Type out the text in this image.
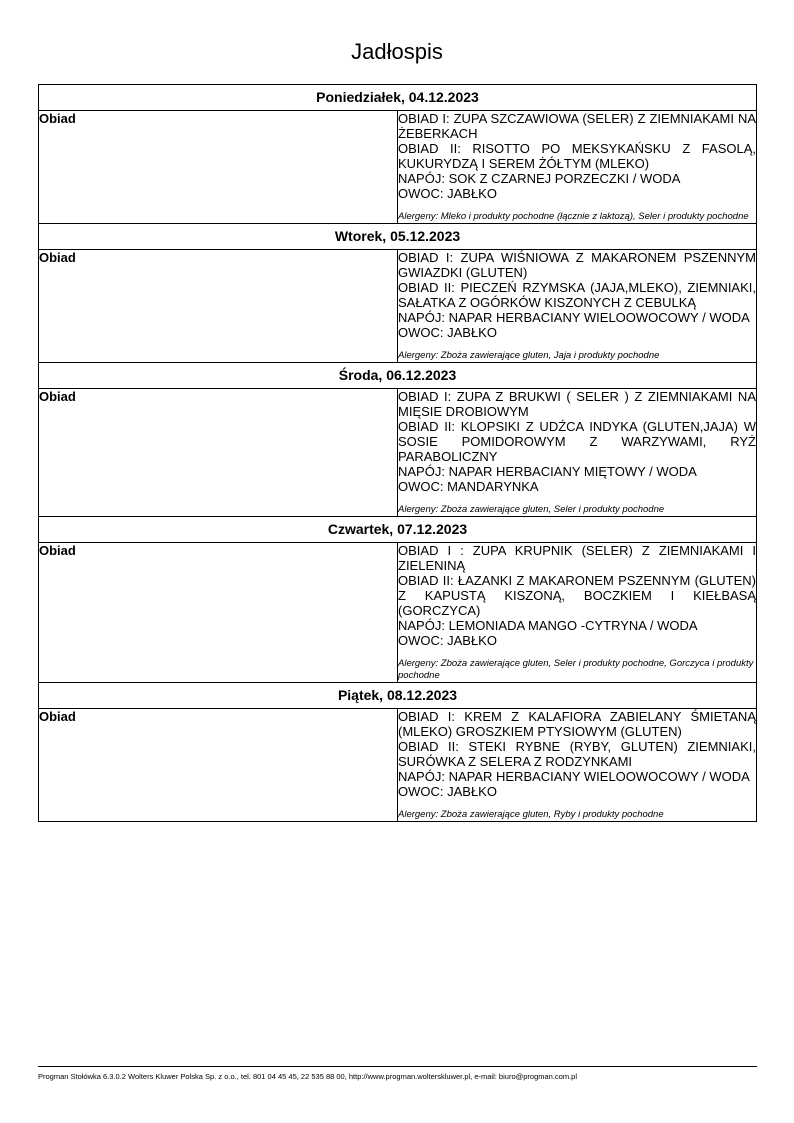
Jadłospis
Poniedziałek, 04.12.2023	
Obiad	OBIAD I: ZUPA SZCZAWIOWA (SELER) Z ZIEMNIAKAMI NA ŻEBERKACH
OBIAD II: RISOTTO PO MEKSYKAŃSKU Z FASOLĄ, KUKURYDZĄ I SEREM ŻÓŁTYM (MLEKO)
NAPÓJ: SOK Z CZARNEJ PORZECZKI / WODA
OWOC: JABŁKO
Alergeny: Mleko i produkty pochodne (łącznie z laktozą), Seler i produkty pochodne

Wtorek, 05.12.2023	
Obiad	OBIAD I: ZUPA WIŚNIOWA Z MAKARONEM PSZENNYM GWIAZDKI (GLUTEN)
OBIAD II: PIECZEŃ RZYMSKA (JAJA,MLEKO), ZIEMNIAKI, SAŁATKA Z OGÓRKÓW KISZONYCH Z CEBULKĄ
NAPÓJ: NAPAR HERBACIANY WIELOOWOCOWY / WODA
OWOC: JABŁKO
Alergeny: Zboża zawierające gluten, Jaja i produkty pochodne

Środa, 06.12.2023	
Obiad	OBIAD I: ZUPA Z BRUKWI ( SELER ) Z ZIEMNIAKAMI NA MIĘSIE DROBIOWYM
OBIAD II: KLOPSIKI Z UDŹCA INDYKA (GLUTEN,JAJA) W SOSIE POMIDOROWYM Z WARZYWAMI, RYŻ PARABOLICZNY
NAPÓJ: NAPAR HERBACIANY MIĘTOWY / WODA
OWOC: MANDARYNKA
Alergeny: Zboża zawierające gluten, Seler i produkty pochodne

Czwartek, 07.12.2023	
Obiad	OBIAD I : ZUPA KRUPNIK (SELER) Z ZIEMNIAKAMI I ZIELENINĄ
OBIAD II: ŁAZANKI Z MAKARONEM PSZENNYM (GLUTEN) Z KAPUSTĄ KISZONĄ, BOCZKIEM I KIEŁBASĄ (GORCZYCA)
NAPÓJ: LEMONIADA MANGO -CYTRYNA / WODA
OWOC: JABŁKO
Alergeny: Zboża zawierające gluten, Seler i produkty pochodne, Gorczyca i produkty pochodne

Piątek, 08.12.2023	
Obiad	OBIAD I: KREM Z KALAFIORA ZABIELANY ŚMIETANĄ (MLEKO) GROSZKIEM PTYSIOWYM (GLUTEN)
OBIAD II: STEKI RYBNE (RYBY, GLUTEN) ZIEMNIAKI, SURÓWKA Z SELERA Z RODZYNKAMI
NAPÓJ: NAPAR HERBACIANY WIELOOWOCOWY / WODA
OWOC: JABŁKO
Alergeny: Zboża zawierające gluten, Ryby i produkty pochodne
Progman Stołówka 6.3.0.2 Wolters Kluwer Polska Sp. z o.o., tel. 801 04 45 45, 22 535 88 00, http://www.progman.wolterskluwer.pl, e-mail: biuro@progman.com.pl
